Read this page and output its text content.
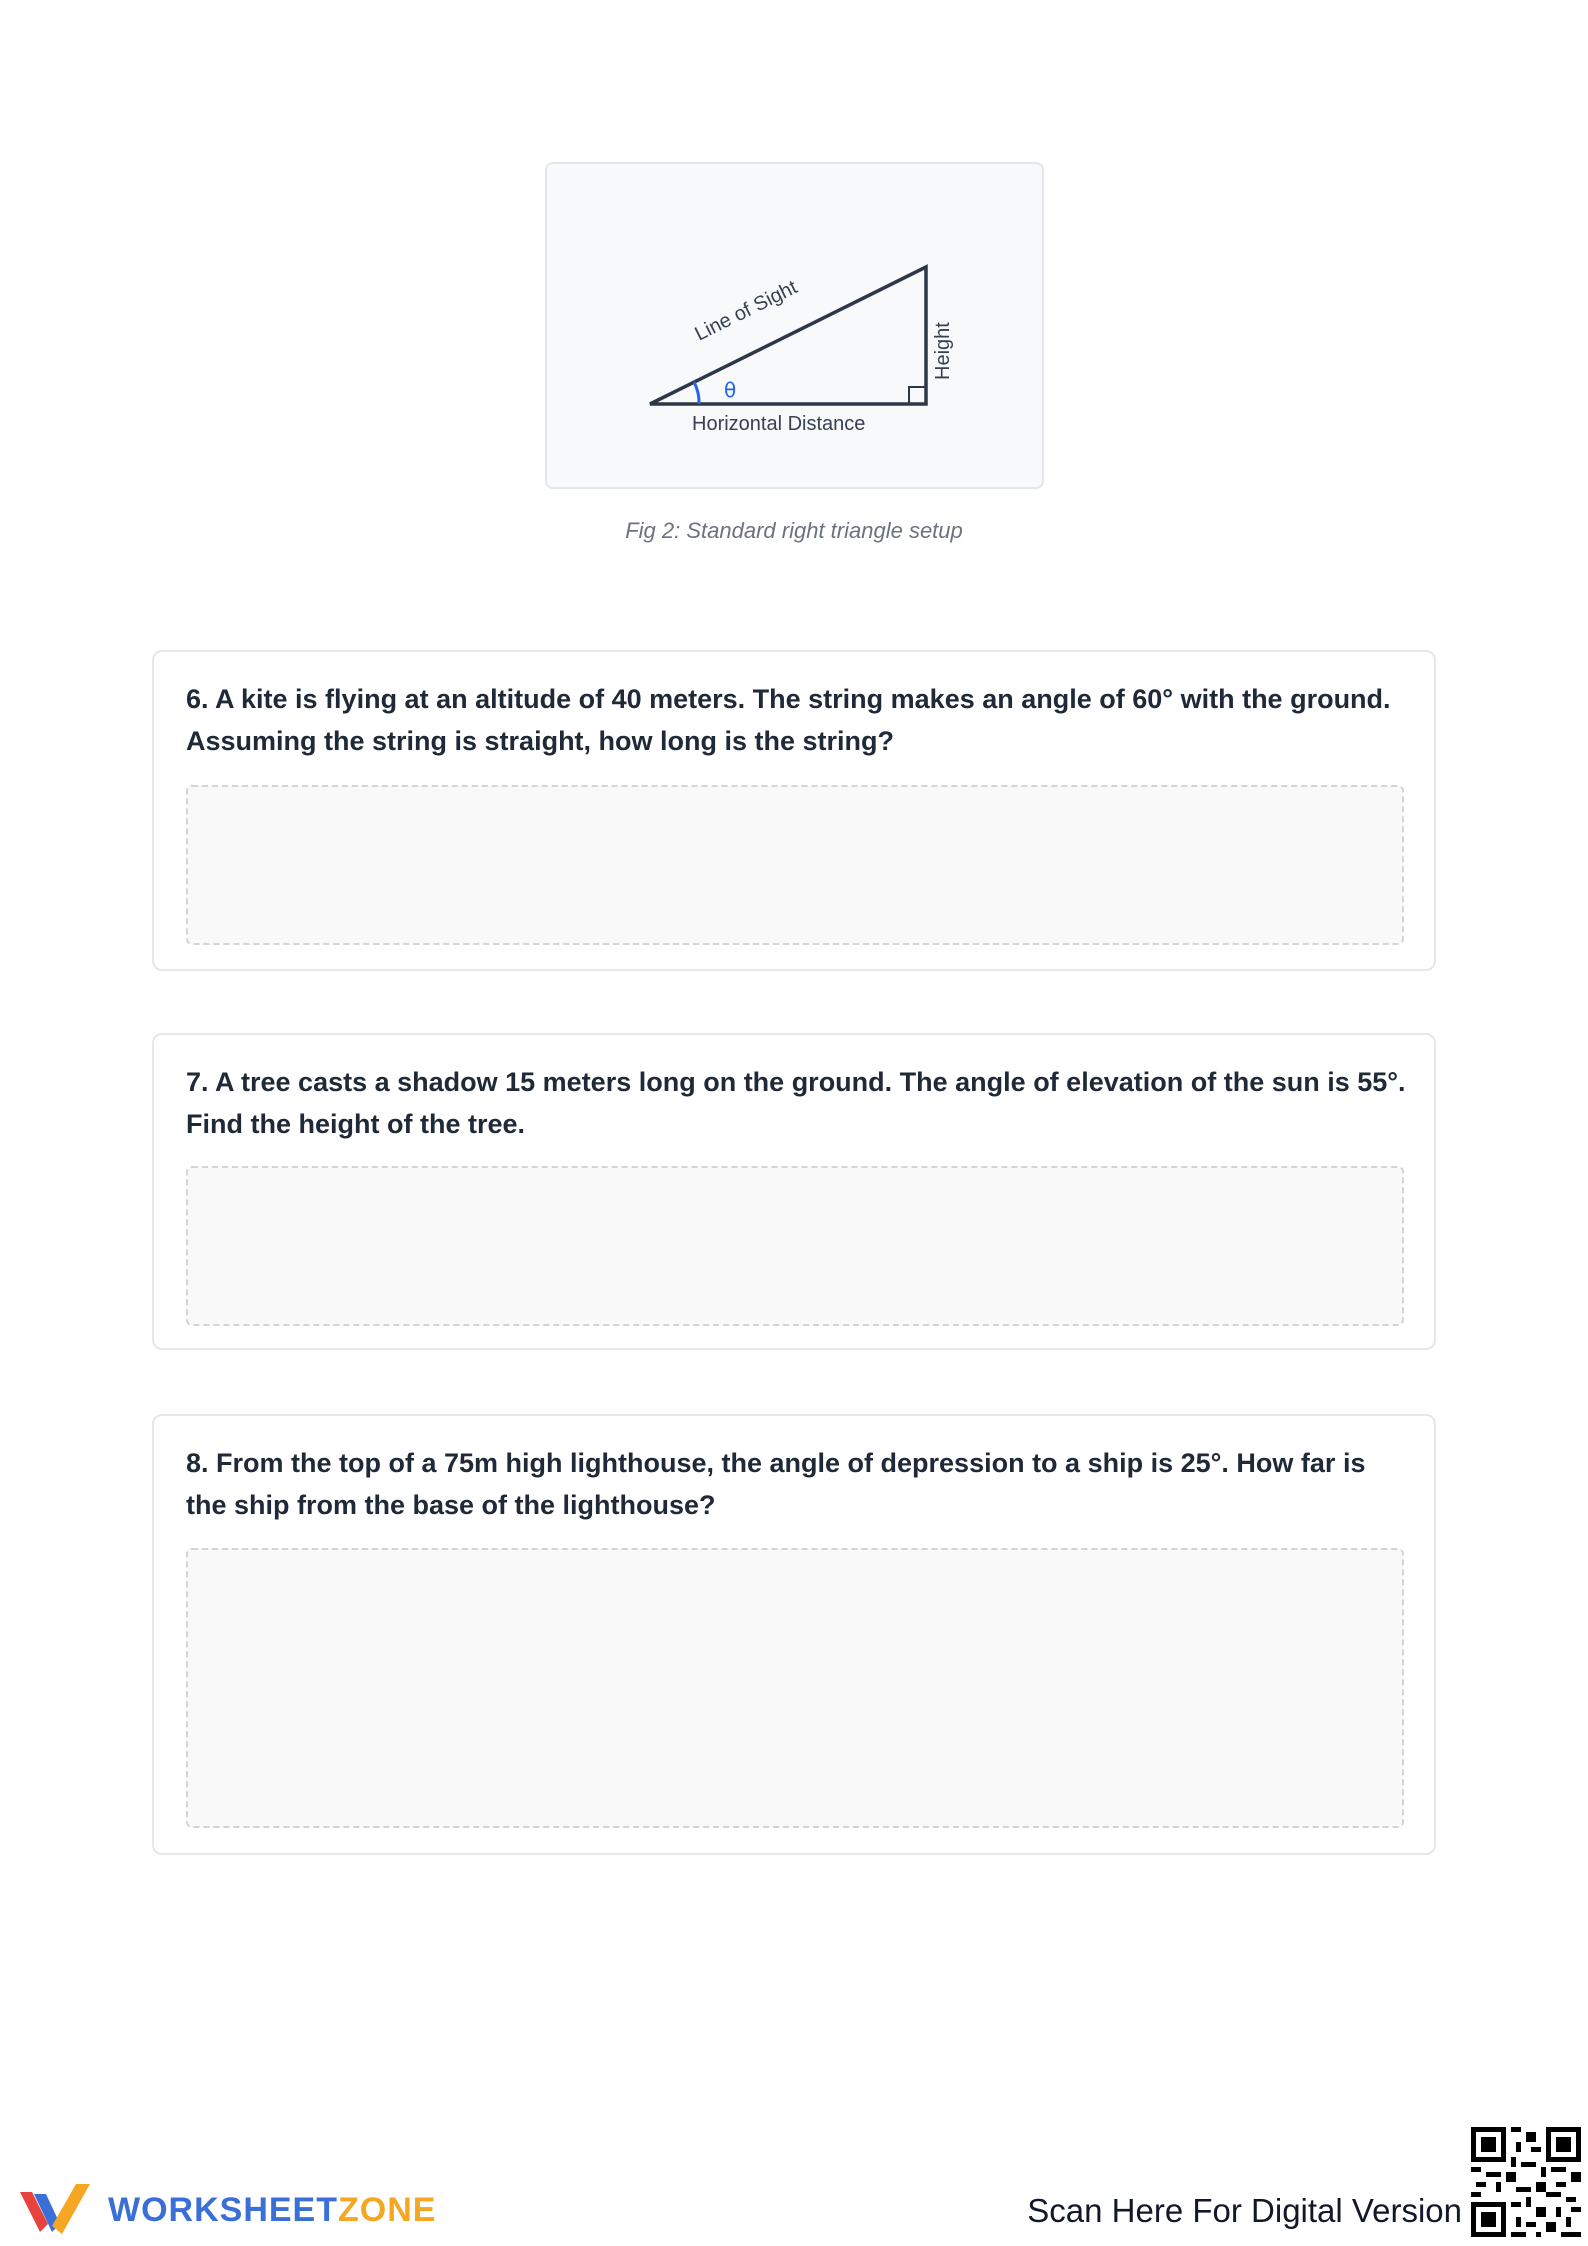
θ
Line of Sight
Height
Horizontal Distance
Fig 2: Standard right triangle setup
6. A kite is flying at an altitude of 40 meters. The string makes an angle of 60° with the ground. Assuming the string is straight, how long is the string?
7. A tree casts a shadow 15 meters long on the ground. The angle of elevation of the sun is 55°. Find the height of the tree.
8. From the top of a 75m high lighthouse, the angle of depression to a ship is 25°. How far is the ship from the base of the lighthouse?
WORKSHEETZONE	Scan Here For Digital Version
